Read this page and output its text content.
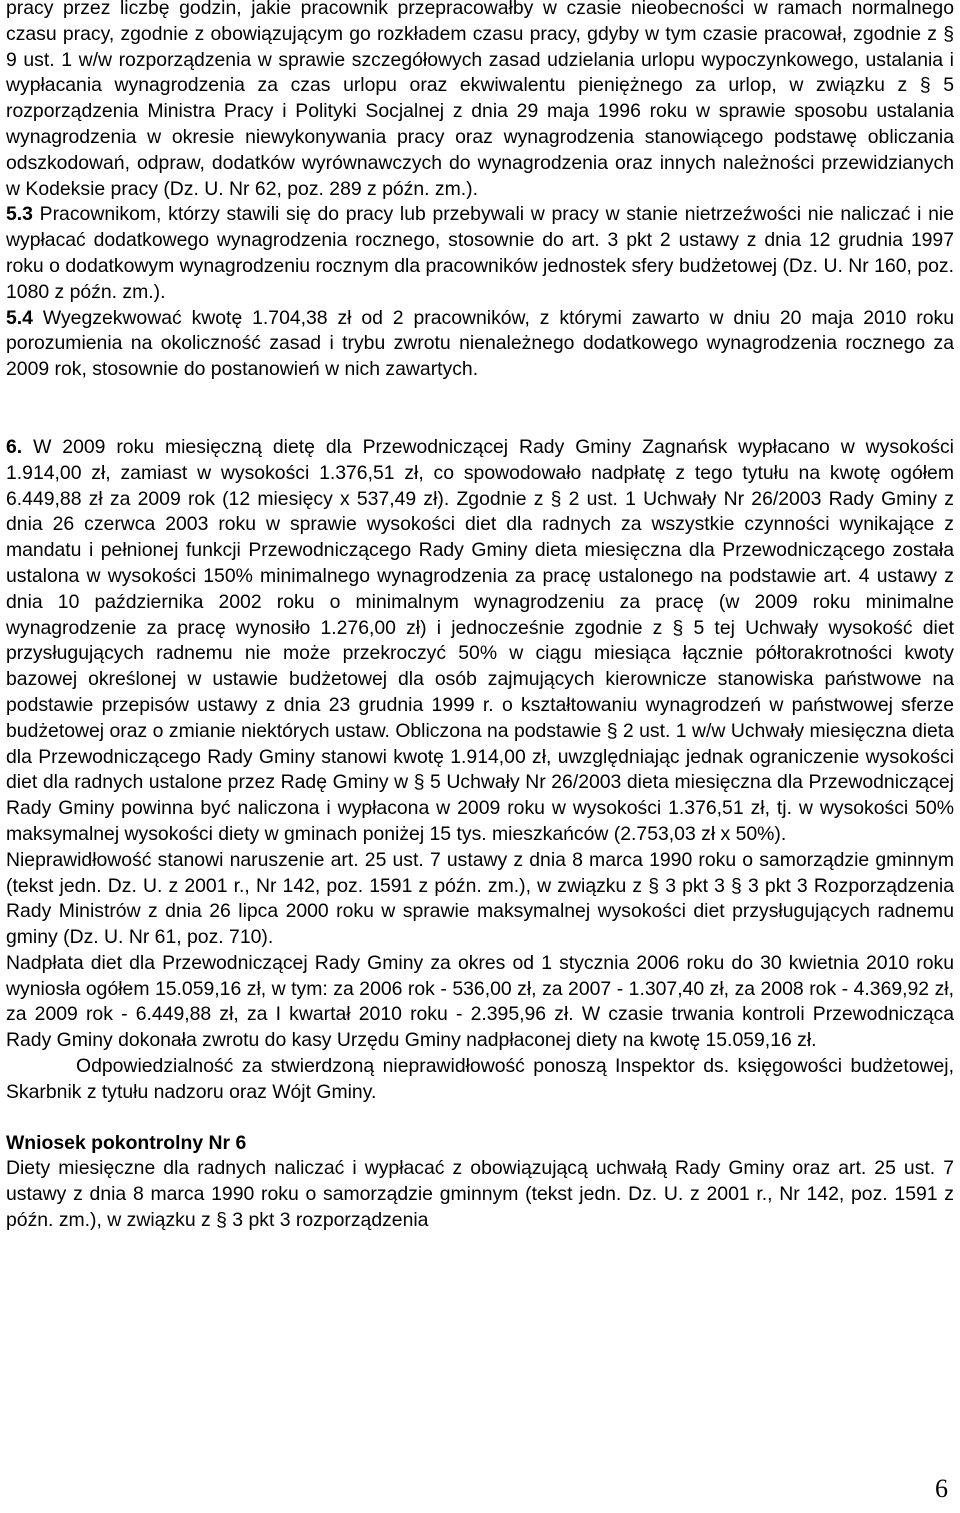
pracy przez liczbę godzin, jakie pracownik przepracowałby w czasie nieobecności w ramach normalnego czasu pracy, zgodnie z obowiązującym go rozkładem czasu pracy, gdyby w tym czasie pracował, zgodnie z § 9 ust. 1 w/w rozporządzenia w sprawie szczegółowych zasad udzielania urlopu wypoczynkowego, ustalania i wypłacania wynagrodzenia za czas urlopu oraz ekwiwalentu pieniężnego za urlop, w związku z § 5 rozporządzenia Ministra Pracy i Polityki Socjalnej z dnia 29 maja 1996 roku w sprawie sposobu ustalania wynagrodzenia w okresie niewykonywania pracy oraz wynagrodzenia stanowiącego podstawę obliczania odszkodowań, odpraw, dodatków wyrównawczych do wynagrodzenia oraz innych należności przewidzianych w Kodeksie pracy (Dz. U. Nr 62, poz. 289 z późn. zm.).

5.3 Pracownikom, którzy stawili się do pracy lub przebywali w pracy w stanie nietrzeźwości nie naliczać i nie wypłacać dodatkowego wynagrodzenia rocznego, stosownie do art. 3 pkt 2 ustawy z dnia 12 grudnia 1997 roku o dodatkowym wynagrodzeniu rocznym dla pracowników jednostek sfery budżetowej (Dz. U. Nr 160, poz. 1080 z późn. zm.).

5.4 Wyegzekwować kwotę 1.704,38 zł od 2 pracowników, z którymi zawarto w dniu 20 maja 2010 roku porozumienia na okoliczność zasad i trybu zwrotu nienależnego dodatkowego wynagrodzenia rocznego za 2009 rok, stosownie do postanowień w nich zawartych.

6. W 2009 roku miesięczną dietę dla Przewodniczącej Rady Gminy Zagnańsk wypłacano w wysokości 1.914,00 zł, zamiast w wysokości 1.376,51 zł, co spowodowało nadpłatę z tego tytułu na kwotę ogółem 6.449,88 zł za 2009 rok (12 miesięcy x 537,49 zł). Zgodnie z § 2 ust. 1 Uchwały Nr 26/2003 Rady Gminy z dnia 26 czerwca 2003 roku w sprawie wysokości diet dla radnych za wszystkie czynności wynikające z mandatu i pełnionej funkcji Przewodniczącego Rady Gminy dieta miesięczna dla Przewodniczącego została ustalona w wysokości 150% minimalnego wynagrodzenia za pracę ustalonego na podstawie art. 4 ustawy z dnia 10 października 2002 roku o minimalnym wynagrodzeniu za pracę (w 2009 roku minimalne wynagrodzenie za pracę wynosiło 1.276,00 zł) i jednocześnie zgodnie z § 5 tej Uchwały wysokość diet przysługujących radnemu nie może przekroczyć 50% w ciągu miesiąca łącznie półtorakrotności kwoty bazowej określonej w ustawie budżetowej dla osób zajmujących kierownicze stanowiska państwowe na podstawie przepisów ustawy z dnia 23 grudnia 1999 r. o kształtowaniu wynagrodzeń w państwowej sferze budżetowej oraz o zmianie niektórych ustaw. Obliczona na podstawie § 2 ust. 1 w/w Uchwały miesięczna dieta dla Przewodniczącego Rady Gminy stanowi kwotę 1.914,00 zł, uwzględniając jednak ograniczenie wysokości diet dla radnych ustalone przez Radę Gminy w § 5 Uchwały Nr 26/2003 dieta miesięczna dla Przewodniczącej Rady Gminy powinna być naliczona i wypłacona w 2009 roku w wysokości 1.376,51 zł, tj. w wysokości 50% maksymalnej wysokości diety w gminach poniżej 15 tys. mieszkańców (2.753,03 zł x 50%).

Nieprawidłowość stanowi naruszenie art. 25 ust. 7 ustawy z dnia 8 marca 1990 roku o samorządzie gminnym (tekst jedn. Dz. U. z 2001 r., Nr 142, poz. 1591 z późn. zm.), w związku z § 3 pkt 3 § 3 pkt 3 Rozporządzenia Rady Ministrów z dnia 26 lipca 2000 roku w sprawie maksymalnej wysokości diet przysługujących radnemu gminy (Dz. U. Nr 61, poz. 710).

Nadpłata diet dla Przewodniczącej Rady Gminy za okres od 1 stycznia 2006 roku do 30 kwietnia 2010 roku wyniosła ogółem 15.059,16 zł, w tym: za 2006 rok - 536,00 zł, za 2007 - 1.307,40 zł, za 2008 rok - 4.369,92 zł, za 2009 rok - 6.449,88 zł, za I kwartał 2010 roku - 2.395,96 zł. W czasie trwania kontroli Przewodnicząca Rady Gminy dokonała zwrotu do kasy Urzędu Gminy nadpłaconej diety na kwotę 15.059,16 zł.

Odpowiedzialność za stwierdzoną nieprawidłowość ponoszą Inspektor ds. księgowości budżetowej, Skarbnik z tytułu nadzoru oraz Wójt Gminy.

Wniosek pokontrolny Nr 6

Diety miesięczne dla radnych naliczać i wypłacać z obowiązującą uchwałą Rady Gminy oraz art. 25 ust. 7 ustawy z dnia 8 marca 1990 roku o samorządzie gminnym (tekst jedn. Dz. U. z 2001 r., Nr 142, poz. 1591 z późn. zm.), w związku z § 3 pkt 3 rozporządzenia

6
